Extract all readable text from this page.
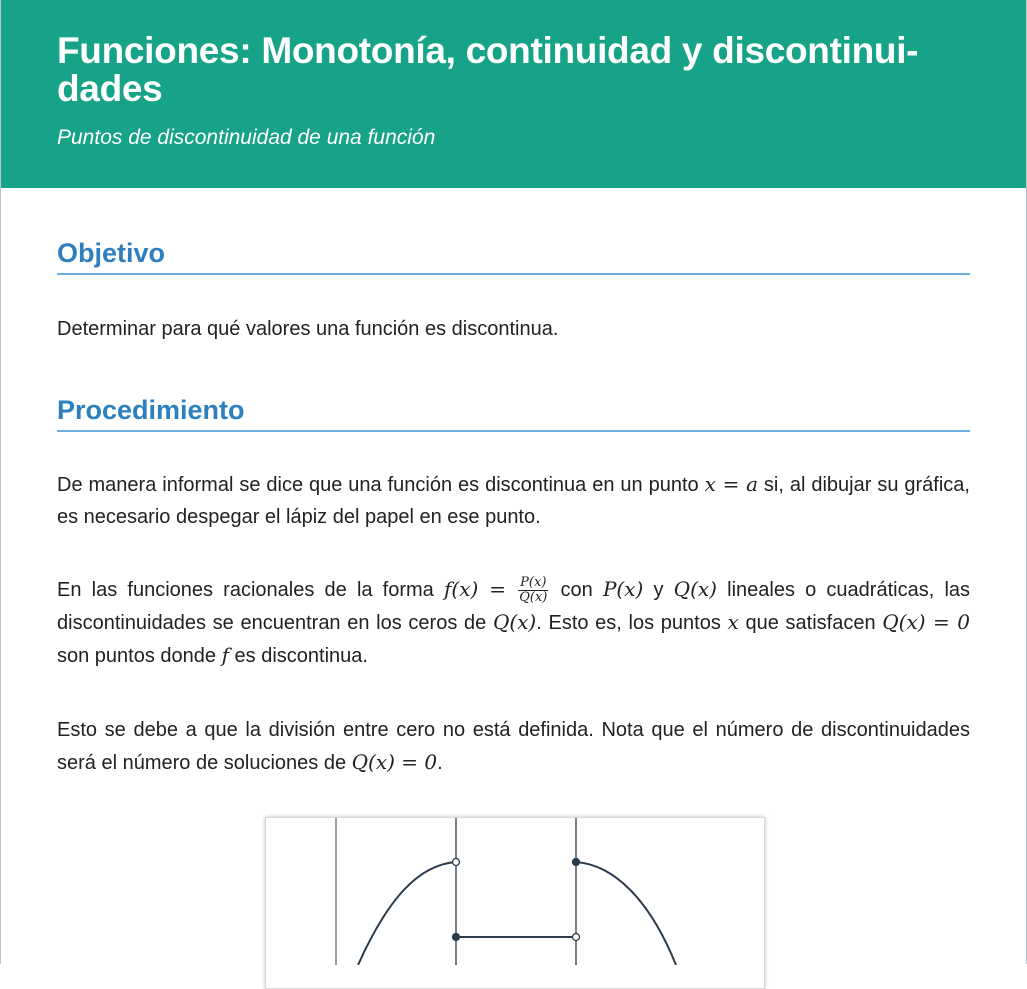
Funciones: Monotonía, continuidad y discontinui-
dades
Puntos de discontinuidad de una función
Objetivo

Determinar para qué valores una función es discontinua.

Procedimiento

De manera informal se dice que una función es discontinua en un punto x = a si, al dibujar su gráfica, es necesario despegar el lápiz del papel en ese punto.

En las funciones racionales de la forma $f(x) = \frac{P(x)}{Q(x)}$ con P(x) y Q(x) lineales o cuadráticas, las discontinuidades se encuentran en los ceros de Q(x). Esto es, los puntos x que satisfacen Q(x) = 0 son puntos donde f es discontinua.

Esto se debe a que la división entre cero no está definida. Nota que el número de discontinuidades será el número de soluciones de Q(x) = 0.
